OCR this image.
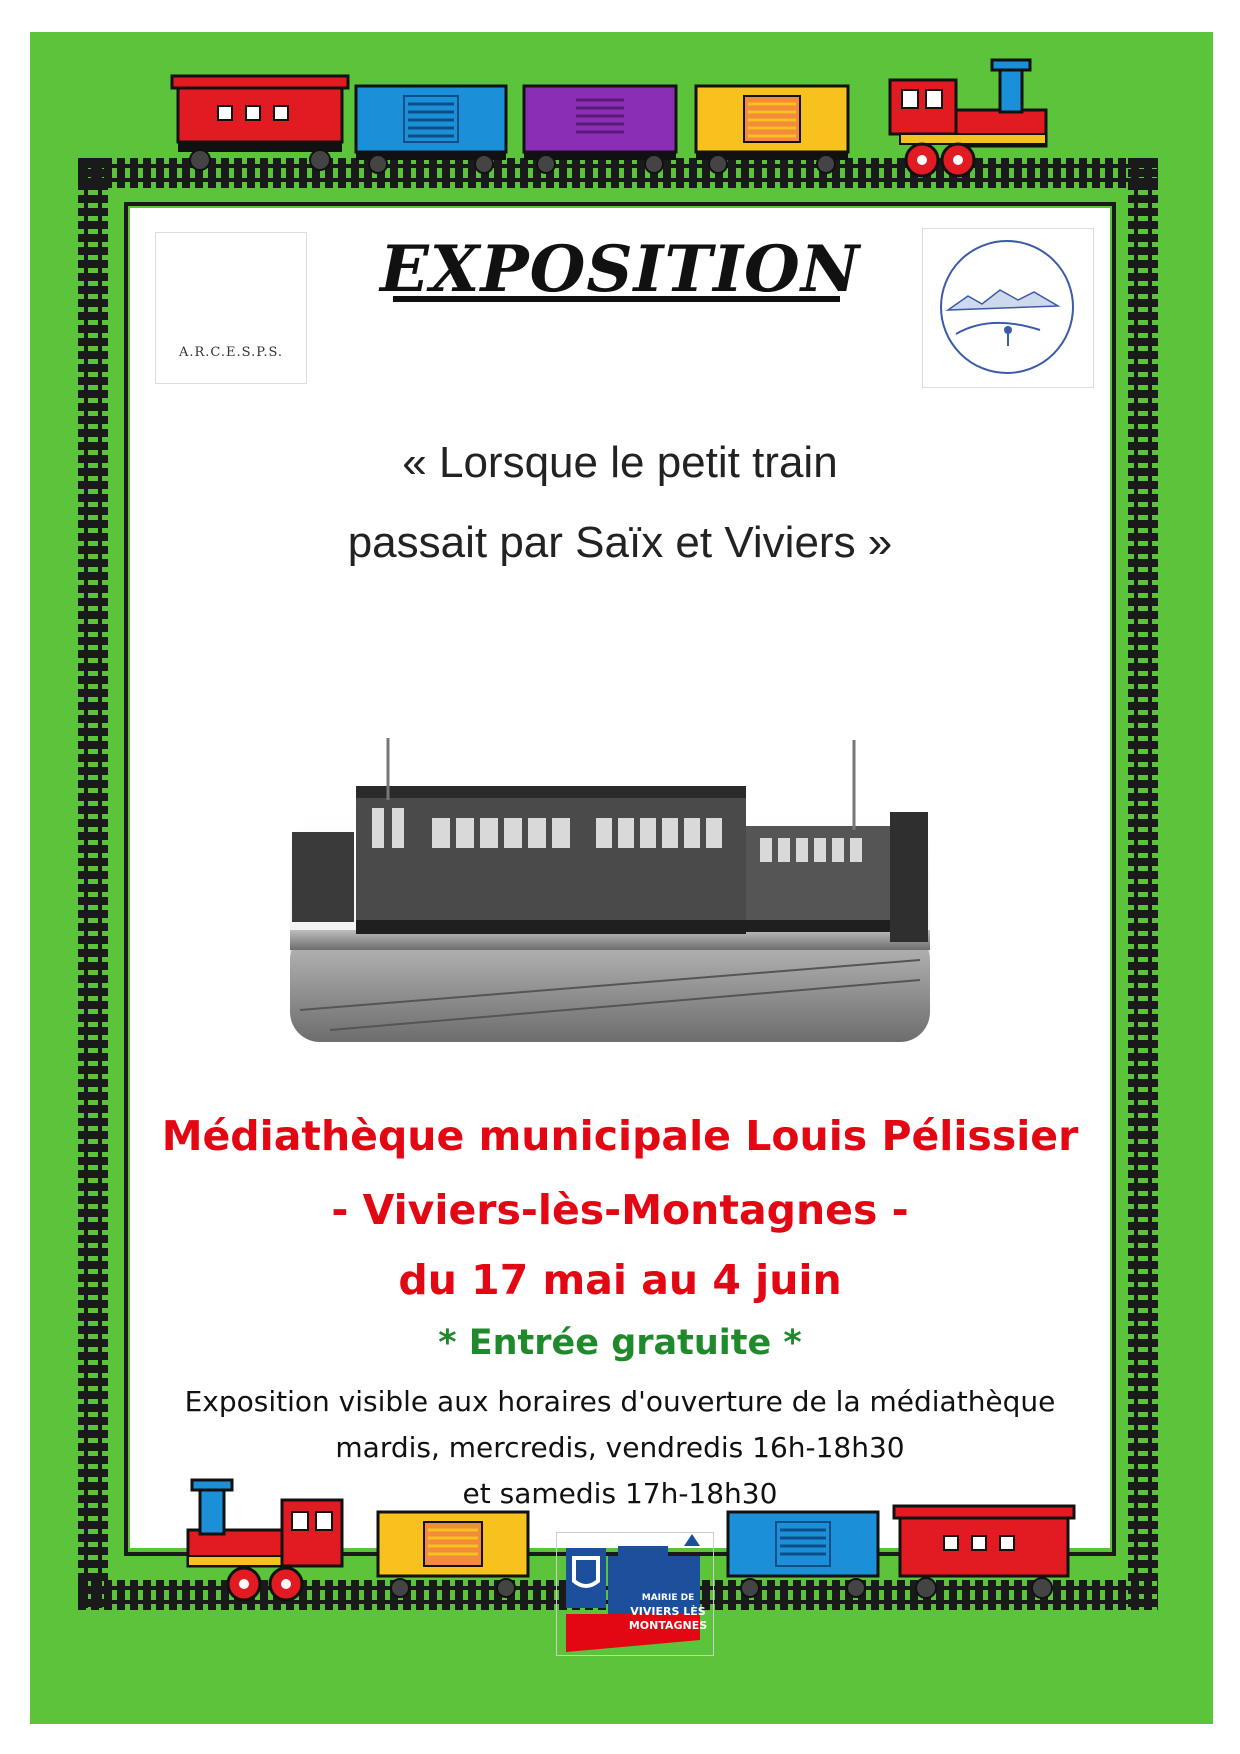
EXPOSITION
« Lorsque le petit train
passait par Saïx et Viviers »
A.R.C.E.S.P.S.
Médiathèque municipale Louis Pélissier
- Viviers-lès-Montagnes -
du 17 mai au 4 juin
* Entrée gratuite *
Exposition visible aux horaires d'ouverture de la médiathèque
mardis, mercredis, vendredis 16h-18h30
et samedis 17h-18h30
MAIRIE DE
VIVIERS LÈS
MONTAGNES
